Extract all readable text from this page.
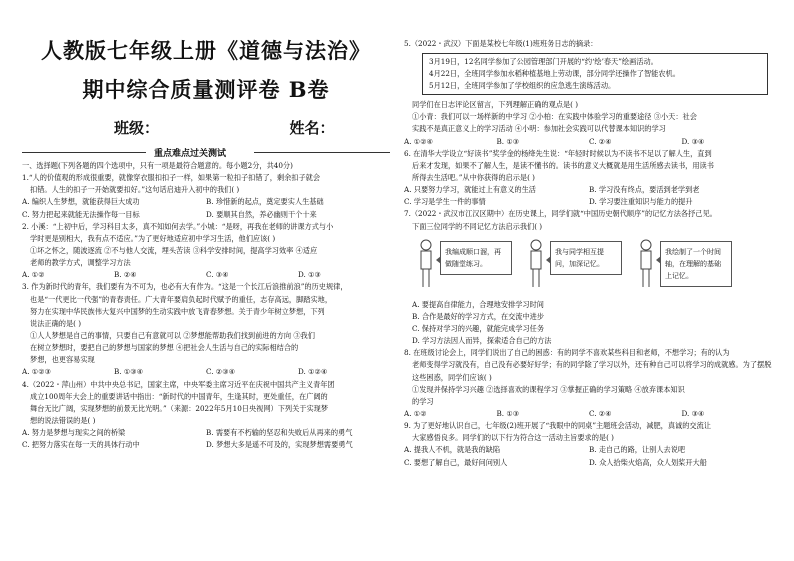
人教版七年级上册《道德与法治》
期中综合质量测评卷 B卷
班级：	姓名：
重点难点过关测试
一、选择题(下列各题的四个选项中，只有一项是最符合题意的。每小题2分，共40分)
1.“人的价值观的形成很重要，就像穿衣服扣扣子一样，如果第一粒扣子扣错了，剩余扣子就会
扣错。人生的扣子一开始就要扣好。”这句话启迪升入初中的我们( )
A. 编织人生梦想，就能获得巨大成功	B. 珍惜新的起点，奠定要实人生基础
C. 努力把起来就能无法操作每一目标	D. 要顺其自然，养必幽则干个十来
2. 小溪：“上初中后，学习科目太多，真不知如何去学。”小城：“是呀，再我在老师的讲课方式与小
学时更是别相大，我有点不适应。”为了更好地适应初中学习生活，他们应该( )
①坏之怀之，随波逐流 ②不与他人交流，埋头苦读 ③科学安排时间，提高学习效率 ④适应
老师的教学方式，调整学习方法
A. ①②	B. ②④	C. ③④	D. ①③
3. 作为新时代的青年，我们要有为不可为，也必有大有作为。“这是一个长江后浪推前浪”的历史规律，
也是“一代更比一代强”的青春责任。广大青年要肩负起时代赋予的重任，志存高远，脚踏实地，
努力在实现中华民族伟大复兴中国梦的生动实践中放飞青春梦想。关于青少年树立梦想，下列
说法正确的是( )
①人人梦想是自己的事情，只要自己有意就可以 ②梦想能帮助我们找到前进的方向 ③我们
在树立梦想时，要把自己的梦想与国家的梦想 ④把社会人生活与自己的实际相结合的
梦想，也更容易实现
A. ①②③	B. ①③④	C. ②③④	D. ①②④
4.（2022・萍山州）中共中央总书记，国家主席，中央军委主席习近平在庆祝中国共产主义青年团
成立100周年大会上的重要讲话中指出：“新时代的中国青年，生逢其时，更处重任，在广阔的
舞台无比广阔，实现梦想的前景无比光明。”（来源：2022年5月10日央视网）下列关于实现梦
想的说法错误的是( )
A. 努力是梦想与现实之间的桥梁	B. 需要有不朽输的坚忍和失败后从再来的勇气
C. 把努力落实在每一天的具体行动中	D. 梦想大多是遥不可及的，实现梦想需要勇气
5.（2022・武汉）下面是某校七年级(1)班班务日志的摘录：
3月19日，12名同学参加了公园管理部门开展的“约‘绘’春天”绘画活动。
4月22日，全班同学参加水稻种植基地上劳动课，部分同学还操作了智能农机。
5月12日，全班同学参加了学校组织的应急逃生演练活动。
同学们在日志评论区留言，下列理解正确的观点是( )
①小青：我们可以一场样新的中学习 ②小柏：在实践中体验学习的重要途径 ③小天：社会
实践不是真正意义上的学习活动 ④小明：参加社会实践可以代替课本知识的学习
A. ①②④	B. ①③	C. ②④	D. ③④
6. 在清华大学设立“好读书”奖学金的杨绛先生说：“年轻时时候以为不读书不足以了解人生，直到
后来才发现，如果不了解人生，是读不懂书的。读书的意义大概就是用生活所感去读书，用读书
所得去生活吧。”从中你获得的启示是( )
A. 只要努力学习，就能过上有意义的生活	B. 学习没有终点，要活到老学到老
C. 学习是学生一件的事情	D. 学习要注重知识与能力的提升
7.（2022・武汉市江汉区期中）在历史课上，同学们就“中国历史朝代顺序”的记忆方法各抒己见。
下面三位同学的不同记忆方法启示我们( )
我编成顺口溜，再做随堂练习。
我与同学相互提问，加深记忆。
我绘制了一个时间轴，在理解的基础上记忆。
A. 要提高自律能力，合理地安排学习时间
B. 合作是最好的学习方式，在交流中进步
C. 保持对学习的兴趣，就能完成学习任务
D. 学习方法因人而异，探索适合自己的方法
8. 在班级讨论会上，同学们说出了自己的困惑：有的同学不喜欢某些科目和老师，不想学习；有的认为
老师变得学习就没有，自己没有必要好好学；有的同学除了学习以外，还有种自己可以将学习的成就感。为了摆脱
这些困惑，同学们应该( )
①发现并保持学习兴趣 ②选择喜欢的课程学习 ③掌握正确的学习策略 ④放弃课本知识
的学习
A. ①②	B. ①③	C. ②④	D. ③④
9. 为了更好地认识自己，七年级(2)班开展了“我眼中的同桌”主题班会活动，减肥，真诚的交流让
大家感悟良多。同学们的以下行为符合这一活动主旨要求的是( )
A. 提我人不机，就是我的缺陷	B. 走自己的路，让别人去说吧
C. 要想了解自己，最好问问别人	D. 众人拾柴火焰高，众人划桨开大船
